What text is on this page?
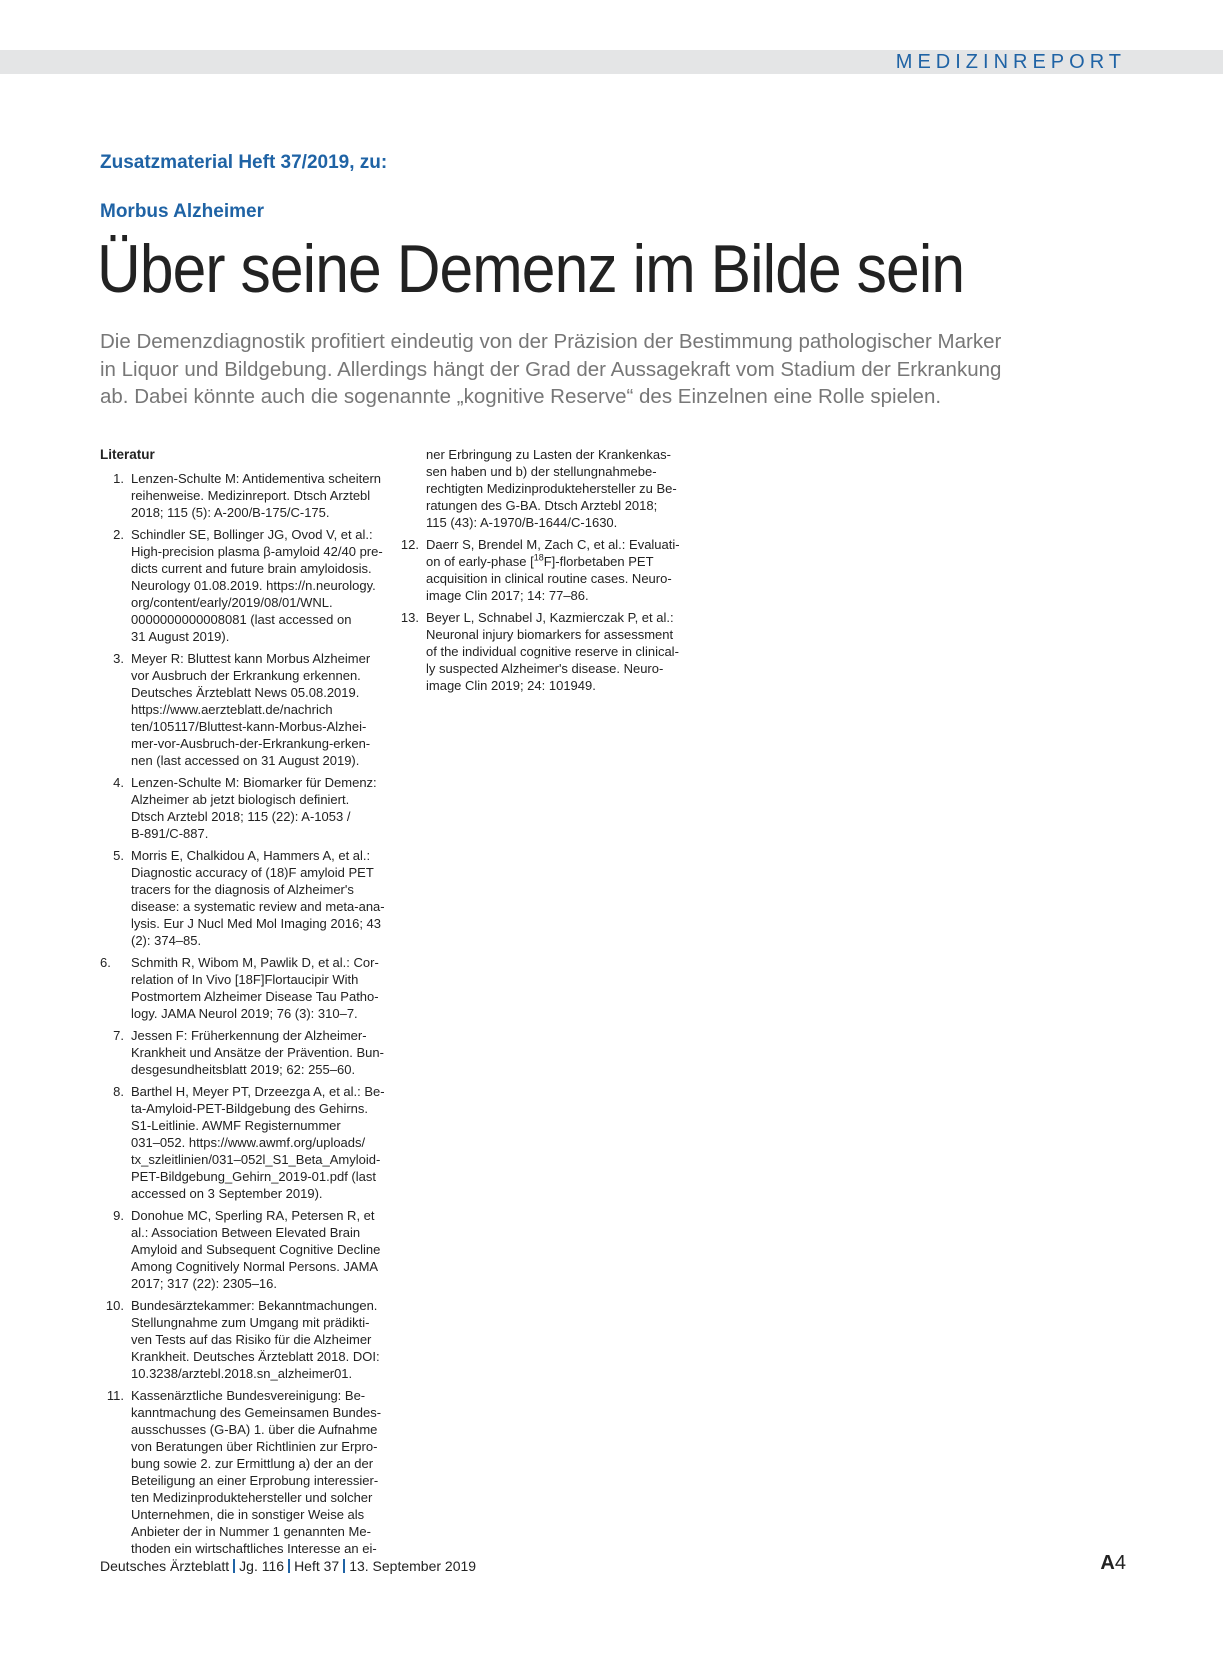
MEDIZINREPORT
Zusatzmaterial Heft 37/2019, zu:
Morbus Alzheimer
Über seine Demenz im Bilde sein
Die Demenzdiagnostik profitiert eindeutig von der Präzision der Bestimmung pathologischer Marker
in Liquor und Bildgebung. Allerdings hängt der Grad der Aussagekraft vom Stadium der Erkrankung
ab. Dabei könnte auch die sogenannte „kognitive Reserve“ des Einzelnen eine Rolle spielen.
Literatur
1. Lenzen-Schulte M: Antidementiva scheitern
reihenweise. Medizinreport. Dtsch Arztebl
2018; 115 (5): A-200/B-175/C-175.
2. Schindler SE, Bollinger JG, Ovod V, et al.:
High-precision plasma β-amyloid 42/40 pre-
dicts current and future brain amyloidosis.
Neurology 01.08.2019. https://n.neurology.
org/content/early/2019/08/01/WNL.
0000000000008081 (last accessed on
31 August 2019).
3. Meyer R: Bluttest kann Morbus Alzheimer
vor Ausbruch der Erkrankung erkennen.
Deutsches Ärzteblatt News 05.08.2019.
https://www.aerzteblatt.de/nachrich
ten/105117/Bluttest-kann-Morbus-Alzhei-
mer-vor-Ausbruch-der-Erkrankung-erken-
nen (last accessed on 31 August 2019).
4. Lenzen-Schulte M: Biomarker für Demenz:
Alzheimer ab jetzt biologisch definiert.
Dtsch Arztebl 2018; 115 (22): A-1053 /
B-891/C-887.
5. Morris E, Chalkidou A, Hammers A, et al.:
Diagnostic accuracy of (18)F amyloid PET
tracers for the diagnosis of Alzheimer's
disease: a systematic review and meta-ana-
lysis. Eur J Nucl Med Mol Imaging 2016; 43
(2): 374–85.
6.	Schmith R, Wibom M, Pawlik D, et al.: Cor-
relation of In Vivo [18F]Flortaucipir With
Postmortem Alzheimer Disease Tau Patho-
logy. JAMA Neurol 2019; 76 (3): 310–7.
7. Jessen F: Früherkennung der Alzheimer-
Krankheit und Ansätze der Prävention. Bun-
desgesundheitsblatt 2019; 62: 255–60.
8. Barthel H, Meyer PT, Drzeezga A, et al.: Be-
ta-Amyloid-PET-Bildgebung des Gehirns.
S1-Leitlinie. AWMF Registernummer
031–052. https://www.awmf.org/uploads/
tx_szleitlinien/031–052l_S1_Beta_Amyloid-
PET-Bildgebung_Gehirn_2019-01.pdf (last
accessed on 3 September 2019).
9. Donohue MC, Sperling RA, Petersen R, et
al.: Association Between Elevated Brain
Amyloid and Subsequent Cognitive Decline
Among Cognitively Normal Persons. JAMA
2017; 317 (22): 2305–16.
10. Bundesärztekammer: Bekanntmachungen.
Stellungnahme zum Umgang mit prädikti-
ven Tests auf das Risiko für die Alzheimer
Krankheit. Deutsches Ärzteblatt 2018. DOI:
10.3238/arztebl.2018.sn_alzheimer01.
11. Kassenärztliche Bundesvereinigung: Be-
kanntmachung des Gemeinsamen Bundes-
ausschusses (G-BA) 1. über die Aufnahme
von Beratungen über Richtlinien zur Erpro-
bung sowie 2. zur Ermittlung a) der an der
Beteiligung an einer Erprobung interessier-
ten Medizinproduktehersteller und solcher
Unternehmen, die in sonstiger Weise als
Anbieter der in Nummer 1 genannten Me-
thoden ein wirtschaftliches Interesse an ei-
ner Erbringung zu Lasten der Krankenkas-
sen haben und b) der stellungnahmebe-
rechtigten Medizinproduktehersteller zu Be-
ratungen des G-BA. Dtsch Arztebl 2018;
115 (43): A-1970/B-1644/C-1630.
12. Daerr S, Brendel M, Zach C, et al.: Evaluati-
on of early-phase [$^{18}$F]-florbetaben PET
acquisition in clinical routine cases. Neuro-
image Clin 2017; 14: 77–86.
13. Beyer L, Schnabel J, Kazmierczak P, et al.:
Neuronal injury biomarkers for assessment
of the individual cognitive reserve in clinical-
ly suspected Alzheimer's disease. Neuro-
image Clin 2019; 24: 101949.
Deutsches Ärzteblatt Jg. 116 Heft 37 13. September 2019	A4
